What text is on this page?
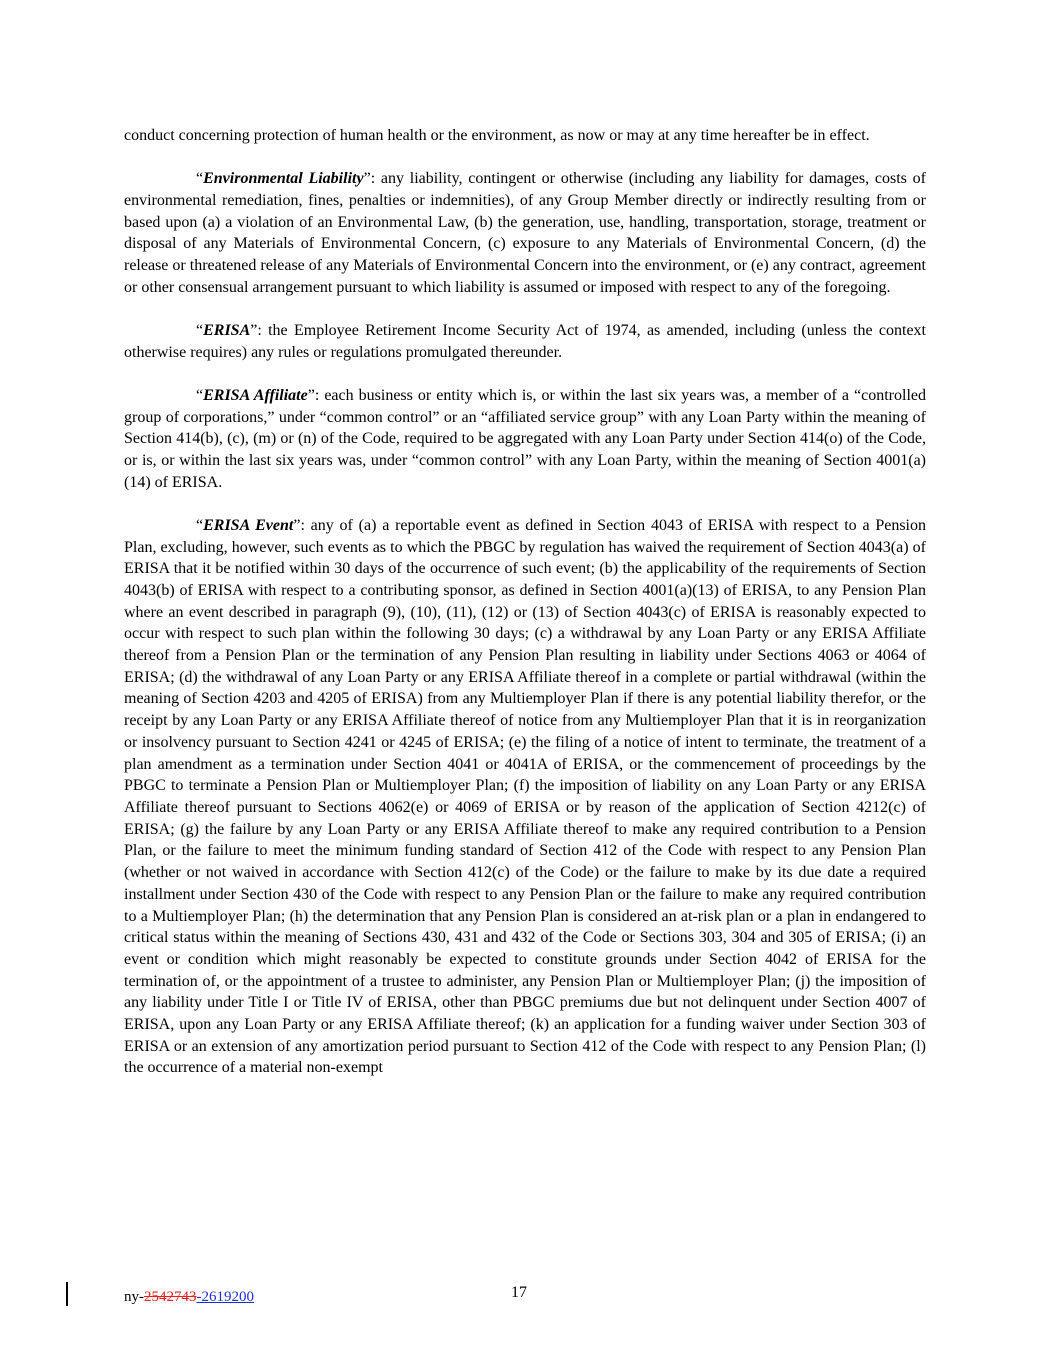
conduct concerning protection of human health or the environment, as now or may at any time hereafter be in effect.

“Environmental Liability”: any liability, contingent or otherwise (including any liability for damages, costs of environmental remediation, fines, penalties or indemnities), of any Group Member directly or indirectly resulting from or based upon (a) a violation of an Environmental Law, (b) the generation, use, handling, transportation, storage, treatment or disposal of any Materials of Environmental Concern, (c) exposure to any Materials of Environmental Concern, (d) the release or threatened release of any Materials of Environmental Concern into the environment, or (e) any contract, agreement or other consensual arrangement pursuant to which liability is assumed or imposed with respect to any of the foregoing.

“ERISA”: the Employee Retirement Income Security Act of 1974, as amended, including (unless the context otherwise requires) any rules or regulations promulgated thereunder.

“ERISA Affiliate”: each business or entity which is, or within the last six years was, a member of a “controlled group of corporations,” under “common control” or an “affiliated service group” with any Loan Party within the meaning of Section 414(b), (c), (m) or (n) of the Code, required to be aggregated with any Loan Party under Section 414(o) of the Code, or is, or within the last six years was, under “common control” with any Loan Party, within the meaning of Section 4001(a)(14) of ERISA.

“ERISA Event”: any of (a) a reportable event as defined in Section 4043 of ERISA with respect to a Pension Plan, excluding, however, such events as to which the PBGC by regulation has waived the requirement of Section 4043(a) of ERISA that it be notified within 30 days of the occurrence of such event; (b) the applicability of the requirements of Section 4043(b) of ERISA with respect to a contributing sponsor, as defined in Section 4001(a)(13) of ERISA, to any Pension Plan where an event described in paragraph (9), (10), (11), (12) or (13) of Section 4043(c) of ERISA is reasonably expected to occur with respect to such plan within the following 30 days; (c) a withdrawal by any Loan Party or any ERISA Affiliate thereof from a Pension Plan or the termination of any Pension Plan resulting in liability under Sections 4063 or 4064 of ERISA; (d) the withdrawal of any Loan Party or any ERISA Affiliate thereof in a complete or partial withdrawal (within the meaning of Section 4203 and 4205 of ERISA) from any Multiemployer Plan if there is any potential liability therefor, or the receipt by any Loan Party or any ERISA Affiliate thereof of notice from any Multiemployer Plan that it is in reorganization or insolvency pursuant to Section 4241 or 4245 of ERISA; (e) the filing of a notice of intent to terminate, the treatment of a plan amendment as a termination under Section 4041 or 4041A of ERISA, or the commencement of proceedings by the PBGC to terminate a Pension Plan or Multiemployer Plan; (f) the imposition of liability on any Loan Party or any ERISA Affiliate thereof pursuant to Sections 4062(e) or 4069 of ERISA or by reason of the application of Section 4212(c) of ERISA; (g) the failure by any Loan Party or any ERISA Affiliate thereof to make any required contribution to a Pension Plan, or the failure to meet the minimum funding standard of Section 412 of the Code with respect to any Pension Plan (whether or not waived in accordance with Section 412(c) of the Code) or the failure to make by its due date a required installment under Section 430 of the Code with respect to any Pension Plan or the failure to make any required contribution to a Multiemployer Plan; (h) the determination that any Pension Plan is considered an at-risk plan or a plan in endangered to critical status within the meaning of Sections 430, 431 and 432 of the Code or Sections 303, 304 and 305 of ERISA; (i) an event or condition which might reasonably be expected to constitute grounds under Section 4042 of ERISA for the termination of, or the appointment of a trustee to administer, any Pension Plan or Multiemployer Plan; (j) the imposition of any liability under Title I or Title IV of ERISA, other than PBGC premiums due but not delinquent under Section 4007 of ERISA, upon any Loan Party or any ERISA Affiliate thereof; (k) an application for a funding waiver under Section 303 of ERISA or an extension of any amortization period pursuant to Section 412 of the Code with respect to any Pension Plan; (l) the occurrence of a material non-exempt

ny-2542743-2619200	17
